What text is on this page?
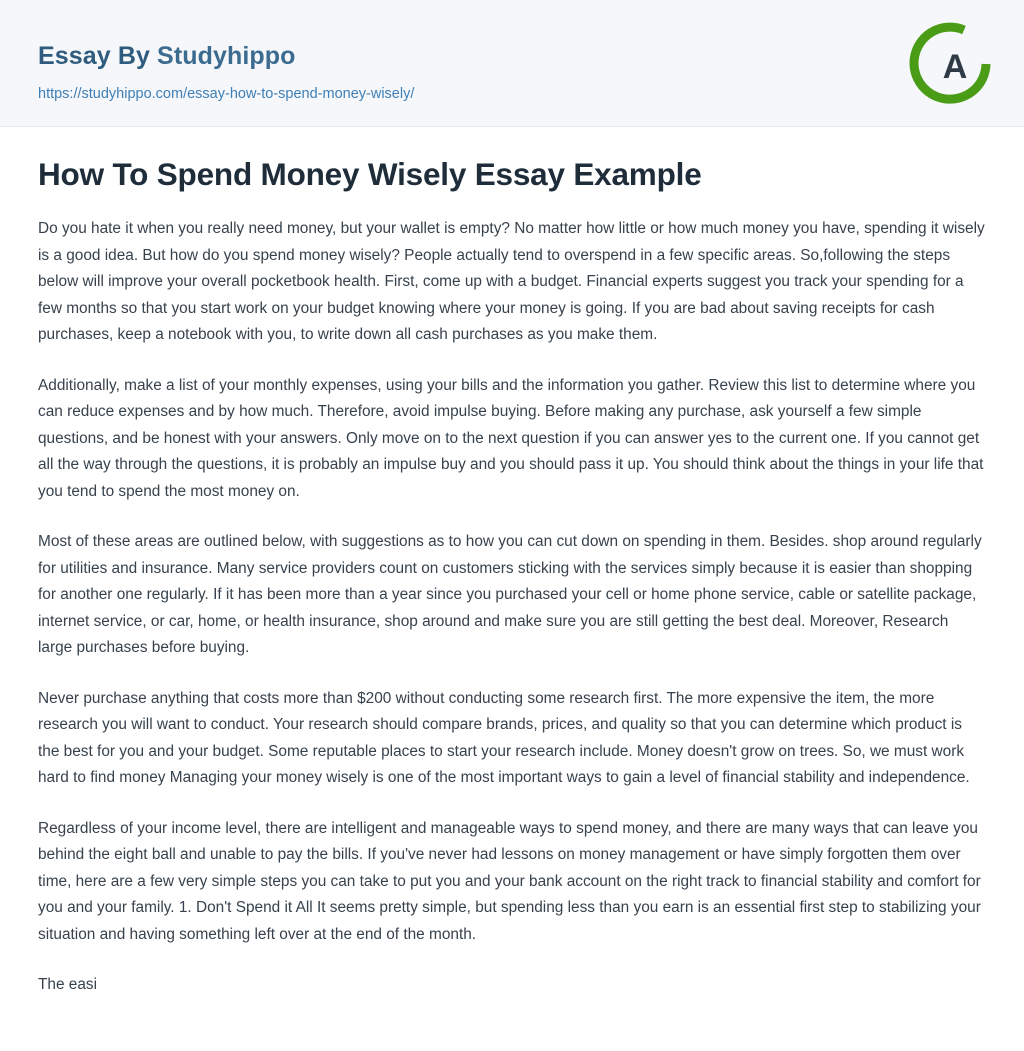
Essay By Studyhippo
https://studyhippo.com/essay-how-to-spend-money-wisely/
A
How To Spend Money Wisely Essay Example

Do you hate it when you really need money, but your wallet is empty? No matter how little or how much money you have, spending it wisely is a good idea. But how do you spend money wisely? People actually tend to overspend in a few specific areas. So,following the steps below will improve your overall pocketbook health. First, come up with a budget. Financial experts suggest you track your spending for a few months so that you start work on your budget knowing where your money is going. If you are bad about saving receipts for cash purchases, keep a notebook with you, to write down all cash purchases as you make them.

Additionally, make a list of your monthly expenses, using your bills and the information you gather. Review this list to determine where you can reduce expenses and by how much. Therefore, avoid impulse buying. Before making any purchase, ask yourself a few simple questions, and be honest with your answers. Only move on to the next question if you can answer yes to the current one. If you cannot get all the way through the questions, it is probably an impulse buy and you should pass it up. You should think about the things in your life that you tend to spend the most money on.

Most of these areas are outlined below, with suggestions as to how you can cut down on spending in them. Besides. shop around regularly for utilities and insurance. Many service providers count on customers sticking with the services simply because it is easier than shopping for another one regularly. If it has been more than a year since you purchased your cell or home phone service, cable or satellite package, internet service, or car, home, or health insurance, shop around and make sure you are still getting the best deal. Moreover, Research large purchases before buying.

Never purchase anything that costs more than $200 without conducting some research first. The more expensive the item, the more research you will want to conduct. Your research should compare brands, prices, and quality so that you can determine which product is the best for you and your budget. Some reputable places to start your research include. Money doesn't grow on trees. So, we must work hard to find money Managing your money wisely is one of the most important ways to gain a level of financial stability and independence.

Regardless of your income level, there are intelligent and manageable ways to spend money, and there are many ways that can leave you behind the eight ball and unable to pay the bills. If you've never had lessons on money management or have simply forgotten them over time, here are a few very simple steps you can take to put you and your bank account on the right track to financial stability and comfort for you and your family. 1. Don't Spend it All It seems pretty simple, but spending less than you earn is an essential first step to stabilizing your situation and having something left over at the end of the month.

The easi
